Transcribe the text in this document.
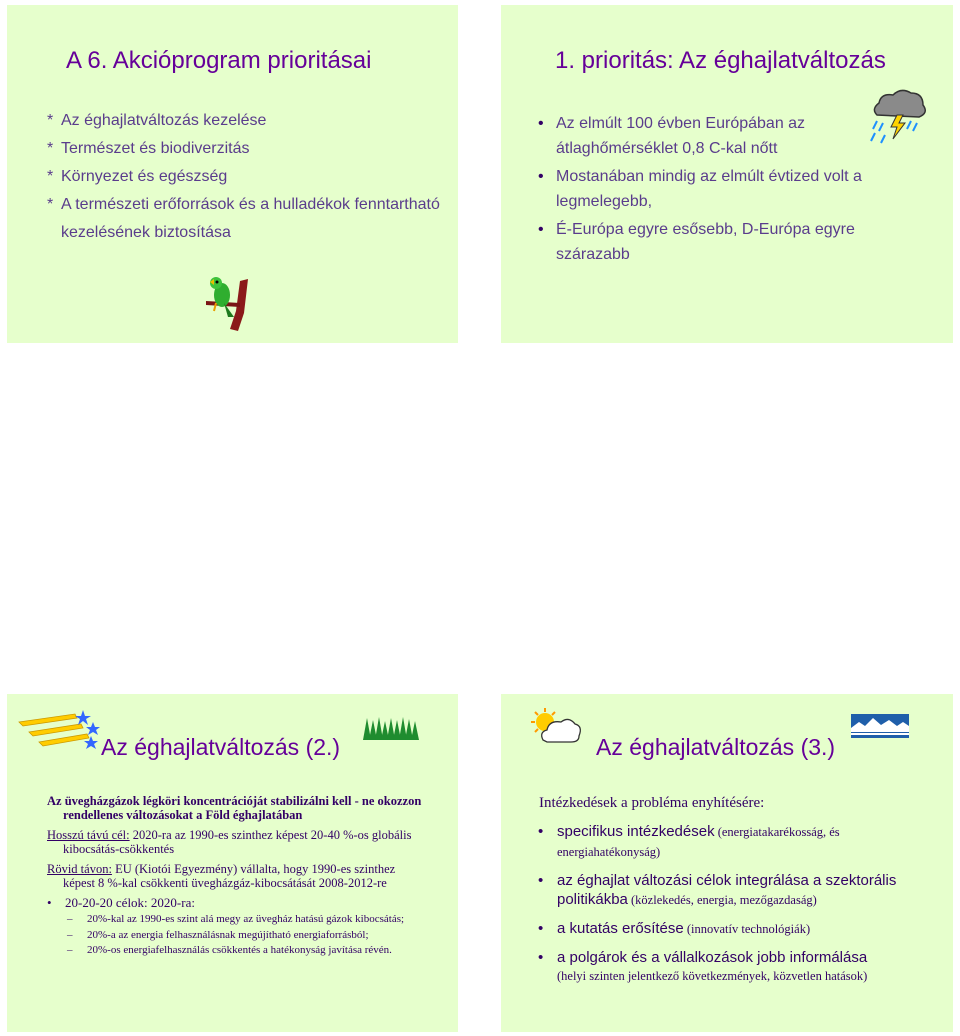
A 6. Akcióprogram prioritásai
* Az éghajlatváltozás kezelése
* Természet és biodiverzitás
* Környezet és egészség
* A természeti erőforrások és a hulladékok fenntartható kezelésének biztosítása
1. prioritás: Az éghajlatváltozás
• Az elmúlt 100 évben Európában az átlaghőmérséklet 0,8 C-kal nőtt
• Mostanában mindig az elmúlt évtized volt a legmelegebb,
• É-Európa egyre esősebb, D-Európa egyre szárazabb
Az éghajlatváltozás (2.)

Az üvegházgázok légköri koncentrációját stabilizálni kell - ne okozzon rendellenes változásokat a Föld éghajlatában

Hosszú távú cél: 2020-ra az 1990-es szinthez képest 20-40 %-os globális kibocsátás-csökkentés

Rövid távon: EU (Kiotói Egyezmény) vállalta, hogy 1990-es szinthez képest 8 %-kal csökkenti üvegházgáz-kibocsátását 2008-2012-re

• 20-20-20 célok: 2020-ra:

– 20%-kal az 1990-es szint alá megy az üvegház hatású gázok kibocsátás;

– 20%-a az energia felhasználásnak megújítható energiaforrásból;

– 20%-os energiafelhasználás csökkentés a hatékonyság javítása révén.

Az éghajlatváltozás (3.)

Intézkedések a probléma enyhítésére:

• specifikus intézkedések (energiatakarékosság, és energiahatékonyság)
• az éghajlat változási célok integrálása a szektorális politikákba (közlekedés, energia, mezőgazdaság)
• a kutatás erősítése (innovatív technológiák)
• a polgárok és a vállalkozások jobb informálása
(helyi szinten jelentkező következmények, közvetlen hatások)
